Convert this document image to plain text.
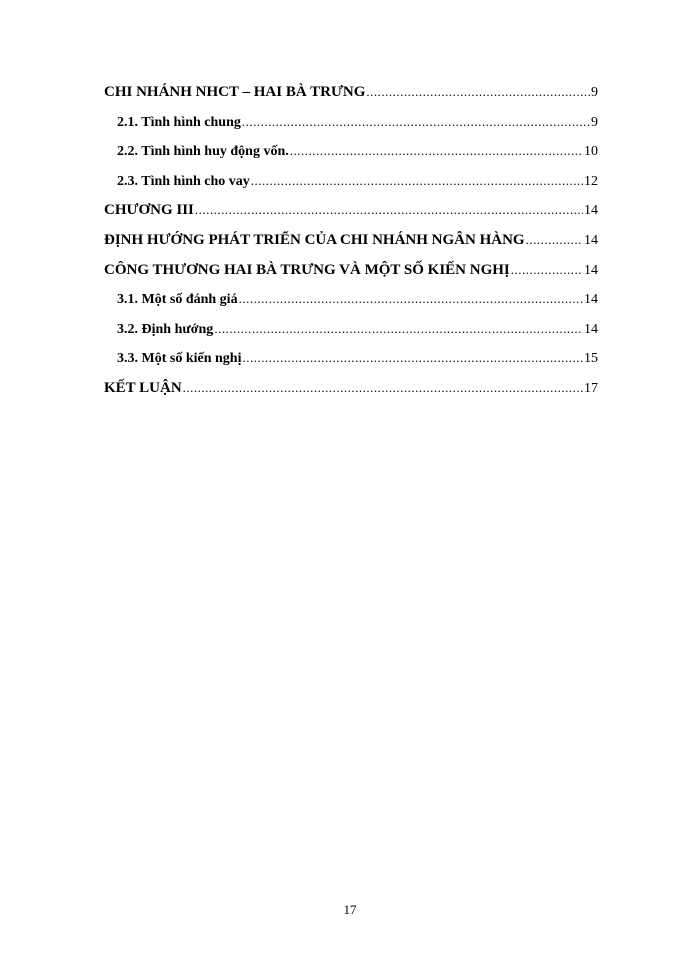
CHI NHÁNH NHCT – HAI BÀ TRƯNG .....	9
2.1. Tình hình chung .....	9
2.2. Tình hình huy động vốn. .....	10
2.3. Tình hình cho vay .....	12
CHƯƠNG III .....	14
ĐỊNH HƯỚNG PHÁT TRIỂN CỦA CHI NHÁNH NGÂN HÀNG .....	14
CÔNG THƯƠNG HAI BÀ TRƯNG VÀ MỘT SỐ KIẾN NGHỊ .....	14
3.1. Một số đánh giá .....	14
3.2. Định hướng .....	14
3.3. Một số kiến nghị .....	15
KẾT LUẬN .....	17
17
